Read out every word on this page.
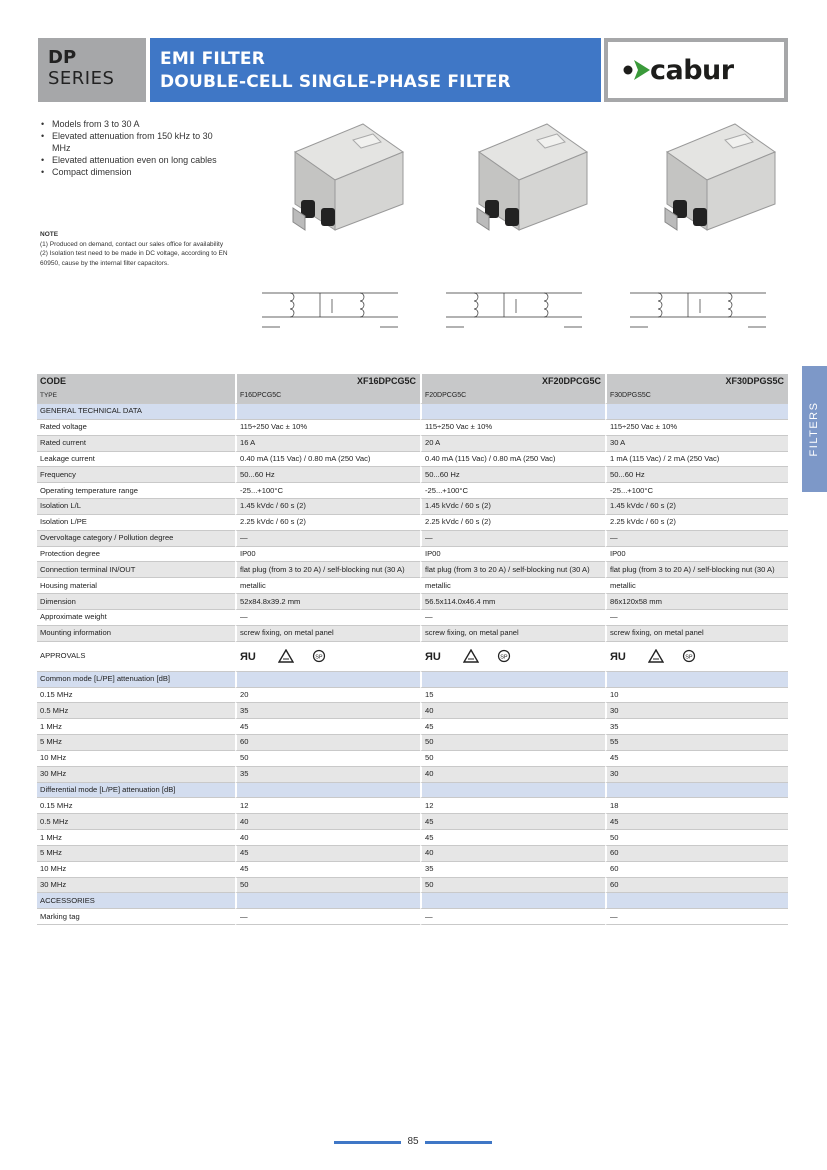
DP
SERIES
EMI FILTER
DOUBLE-CELL SINGLE-PHASE FILTER	cabur
• Models from 3 to 30 A
• Elevated attenuation from 150 kHz to 30 MHz
• Elevated attenuation even on long cables
• Compact dimension
NOTE
(1) Produced on demand, contact our sales office for availability
(2) Isolation test need to be made in DC voltage, according to EN 60950, cause by the internal filter capacitors.
FILTERS
CODE	XF16DPCG5C	XF20DPCG5C	XF30DPGS5C
TYPE	F16DPCG5C	F20DPCG5C	F30DPGS5C
GENERAL TECHNICAL DATA			
Rated voltage	115÷250 Vac ± 10%	115÷250 Vac ± 10%	115÷250 Vac ± 10%
Rated current	16 A	20 A	30 A
Leakage current	0.40 mA (115 Vac) / 0.80 mA (250 Vac)	0.40 mA (115 Vac) / 0.80 mA (250 Vac)	1 mA (115 Vac) / 2 mA (250 Vac)
Frequency	50...60 Hz	50...60 Hz	50...60 Hz
Operating temperature range	-25...+100°C	-25...+100°C	-25...+100°C
Isolation L/L	1.45 kVdc / 60 s (2)	1.45 kVdc / 60 s (2)	1.45 kVdc / 60 s (2)
Isolation L/PE	2.25 kVdc / 60 s (2)	2.25 kVdc / 60 s (2)	2.25 kVdc / 60 s (2)
Overvoltage category / Pollution degree	—	—	—
Protection degree	IP00	IP00	IP00
Connection terminal IN/OUT	flat plug (from 3 to 20 A) / self-blocking nut (30 A)	flat plug (from 3 to 20 A) / self-blocking nut (30 A)	flat plug (from 3 to 20 A) / self-blocking nut (30 A)
Housing material	metallic	metallic	metallic
Dimension	52x84.8x39.2 mm	56.5x114.0x46.4 mm	86x120x58 mm
Approximate weight	—	—	—
Mounting information	screw fixing, on metal panel	screw fixing, on metal panel	screw fixing, on metal panel
APPROVALS	ЯU SP	ЯU SP	ЯU SP

Common mode [L/PE] attenuation [dB]			
0.15 MHz	20	15	10
0.5 MHz	35	40	30
1 MHz	45	45	35
5 MHz	60	50	55
10 MHz	50	50	45
30 MHz	35	40	30
Differential mode [L/PE] attenuation [dB]			
0.15 MHz	12	12	18
0.5 MHz	40	45	45
1 MHz	40	45	50
5 MHz	45	40	60
10 MHz	45	35	60
30 MHz	50	50	60
ACCESSORIES			
Marking tag	—	—	—
85
